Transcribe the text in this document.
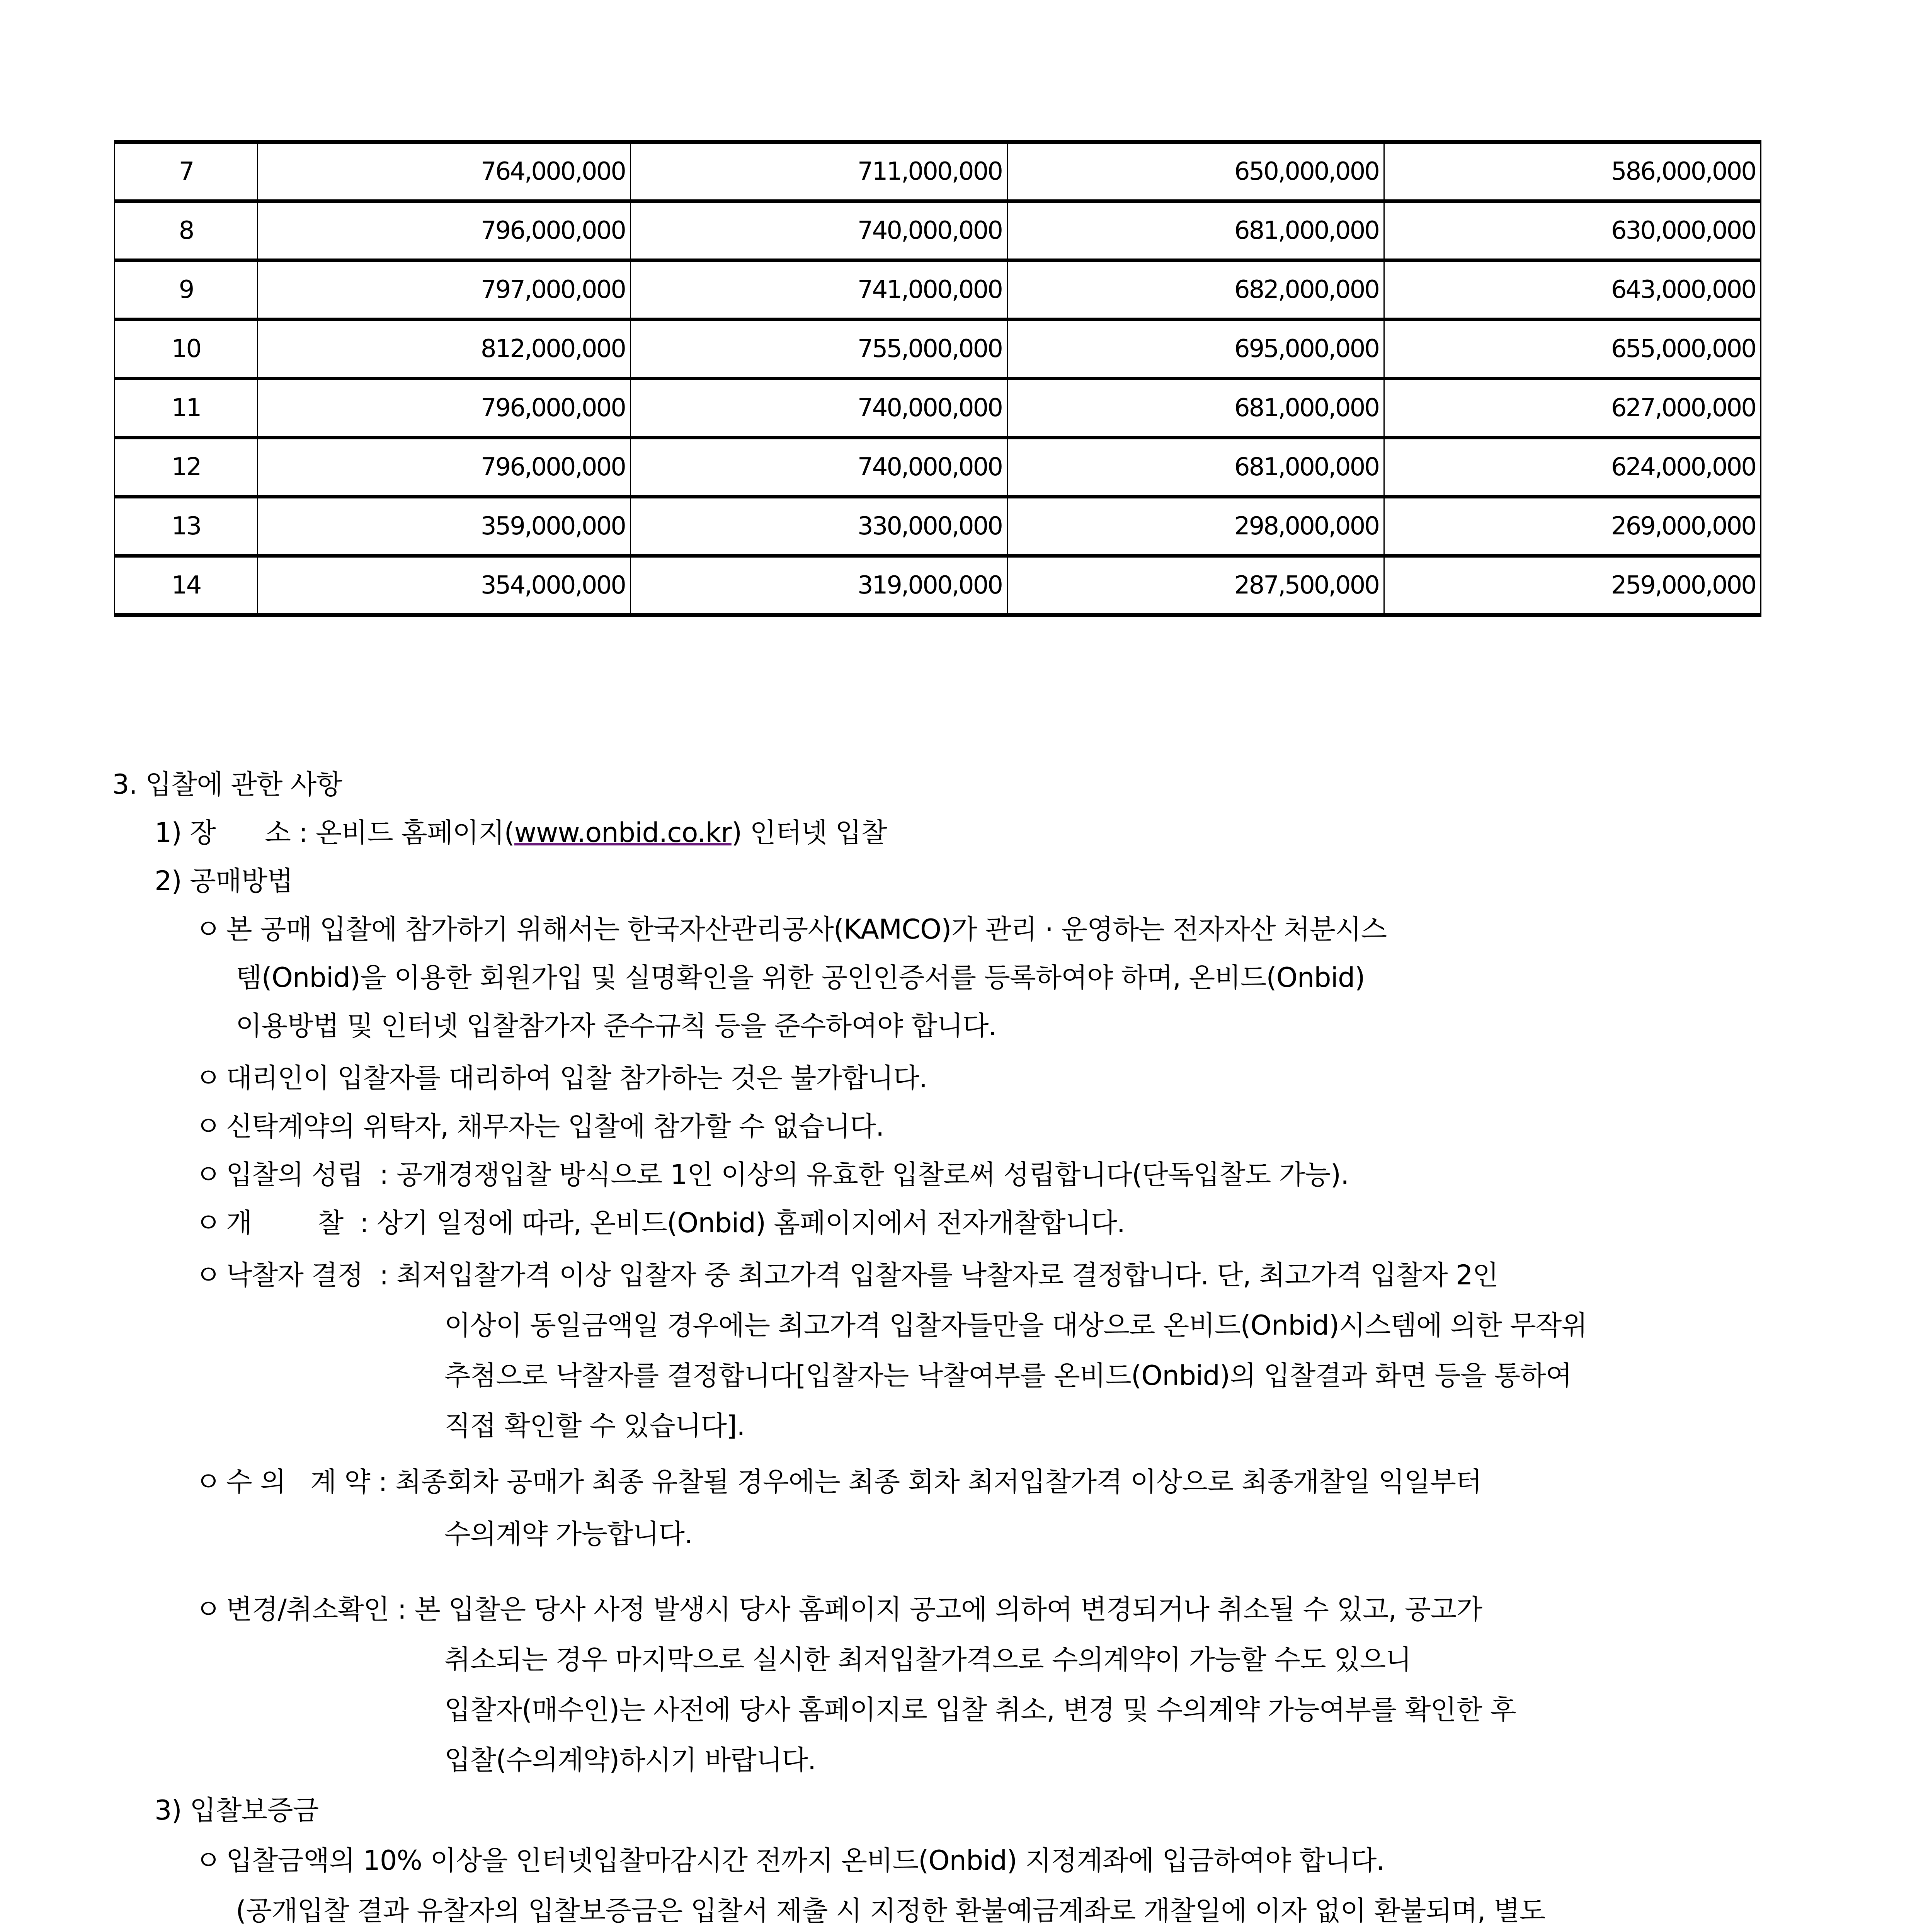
7	764,000,000	711,000,000	650,000,000	586,000,000
8	796,000,000	740,000,000	681,000,000	630,000,000
9	797,000,000	741,000,000	682,000,000	643,000,000
10	812,000,000	755,000,000	695,000,000	655,000,000
11	796,000,000	740,000,000	681,000,000	627,000,000
12	796,000,000	740,000,000	681,000,000	624,000,000
13	359,000,000	330,000,000	298,000,000	269,000,000
14	354,000,000	319,000,000	287,500,000	259,000,000
3. 입찰에 관한 사항
1) 장      소 : 온비드 홈페이지(www.onbid.co.kr) 인터넷 입찰
2) 공매방법
ㅇ 본 공매 입찰에 참가하기 위해서는 한국자산관리공사(KAMCO)가 관리 · 운영하는 전자자산 처분시스
템(Onbid)을 이용한 회원가입 및 실명확인을 위한 공인인증서를 등록하여야 하며, 온비드(Onbid)
이용방법 및 인터넷 입찰참가자 준수규칙 등을 준수하여야 합니다.
ㅇ 대리인이 입찰자를 대리하여 입찰 참가하는 것은 불가합니다.
ㅇ 신탁계약의 위탁자, 채무자는 입찰에 참가할 수 없습니다.
ㅇ 입찰의 성립  : 공개경쟁입찰 방식으로 1인 이상의 유효한 입찰로써 성립합니다(단독입찰도 가능).
ㅇ 개        찰  : 상기 일정에 따라, 온비드(Onbid) 홈페이지에서 전자개찰합니다.
ㅇ 낙찰자 결정  : 최저입찰가격 이상 입찰자 중 최고가격 입찰자를 낙찰자로 결정합니다. 단, 최고가격 입찰자 2인
이상이 동일금액일 경우에는 최고가격 입찰자들만을 대상으로 온비드(Onbid)시스템에 의한 무작위
추첨으로 낙찰자를 결정합니다[입찰자는 낙찰여부를 온비드(Onbid)의 입찰결과 화면 등을 통하여
직접 확인할 수 있습니다].
ㅇ 수 의   계 약 : 최종회차 공매가 최종 유찰될 경우에는 최종 회차 최저입찰가격 이상으로 최종개찰일 익일부터
수의계약 가능합니다.
ㅇ 변경/취소확인 : 본 입찰은 당사 사정 발생시 당사 홈페이지 공고에 의하여 변경되거나 취소될 수 있고, 공고가
취소되는 경우 마지막으로 실시한 최저입찰가격으로 수의계약이 가능할 수도 있으니
입찰자(매수인)는 사전에 당사 홈페이지로 입찰 취소, 변경 및 수의계약 가능여부를 확인한 후
입찰(수의계약)하시기 바랍니다.
3) 입찰보증금
ㅇ 입찰금액의 10% 이상을 인터넷입찰마감시간 전까지 온비드(Onbid) 지정계좌에 입금하여야 합니다.
(공개입찰 결과 유찰자의 입찰보증금은 입찰서 제출 시 지정한 환불예금계좌로 개찰일에 이자 없이 환불되며, 별도
